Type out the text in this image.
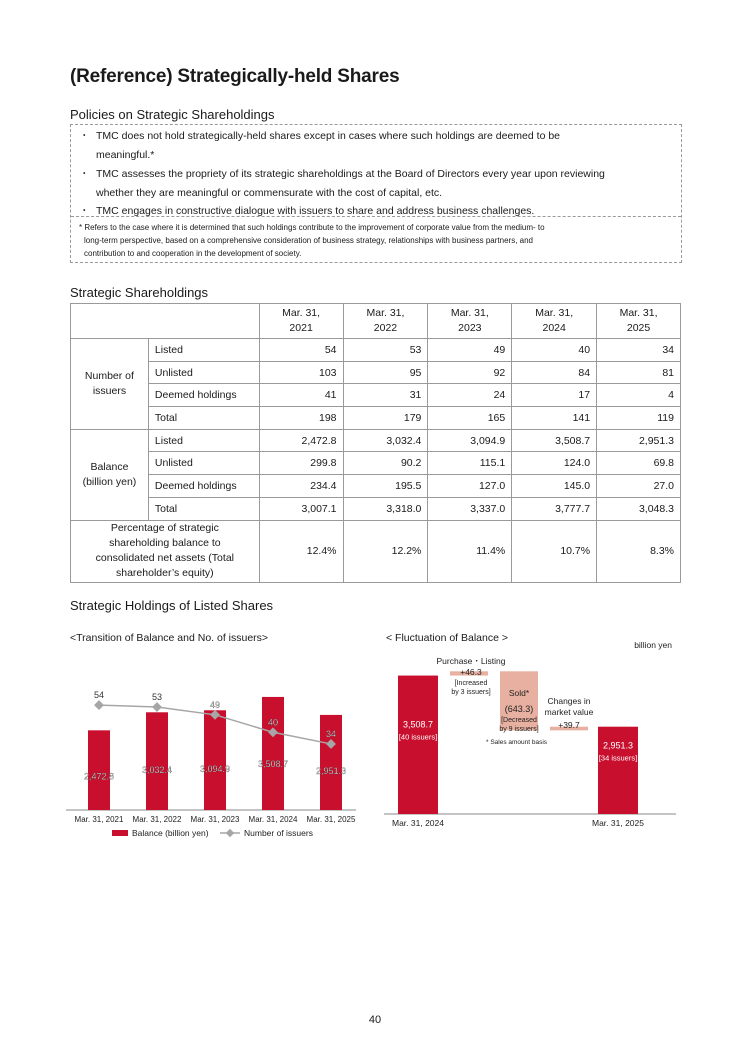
(Reference) Strategically-held Shares
Policies on Strategic Shareholdings
・ TMC does not hold strategically-held shares except in cases where such holdings are deemed to be
meaningful.*
・ TMC assesses the propriety of its strategic shareholdings at the Board of Directors every year upon reviewing
whether they are meaningful or commensurate with the cost of capital, etc.
・ TMC engages in constructive dialogue with issuers to share and address business challenges.
* Refers to the case where it is determined that such holdings contribute to the improvement of corporate value from the medium- to
long-term perspective, based on a comprehensive consideration of business strategy, relationships with business partners, and
contribution to and cooperation in the development of society.
Strategic Shareholdings
		Mar. 31,
2021	Mar. 31,
2022	Mar. 31,
2023	Mar. 31,
2024	Mar. 31,
2025
Number of
issuers	Listed	54	53	49	40	34
	Unlisted	103	95	92	84	81
	Deemed holdings	41	31	24	17	4
	Total	198	179	165	141	119
Balance
(billion yen)	Listed	2,472.8	3,032.4	3,094.9	3,508.7	2,951.3
	Unlisted	299.8	90.2	115.1	124.0	69.8
	Deemed holdings	234.4	195.5	127.0	145.0	27.0
	Total	3,007.1	3,318.0	3,337.0	3,777.7	3,048.3
Percentage of strategic
shareholding balance to
consolidated net assets (Total
shareholder’s equity)		12.4%	12.2%	11.4%	10.7%	8.3%
Strategic Holdings of Listed Shares
<Transition of Balance and No. of issuers>	< Fluctuation of Balance >
2,472.8
3,032.4	3,094.9
3,508.7
2,951.3
54	53
49
40
34
Mar. 31, 2021 Mar. 31, 2022 Mar. 31, 2023 Mar. 31, 2024 Mar. 31, 2025
Balance (billion yen)	Number of issuers
billion yen
3,508.7
[40 issuers]
Purchase・Listing
+46.3
[Increased
by 3 issuers] Sold*
(643.3)
[Decreased
by 9 issuers]
Changes in
market value
+39.7
* Sales amount basis	2,951.3
[34 issuers]
Mar. 31, 2024	Mar. 31, 2025
40
